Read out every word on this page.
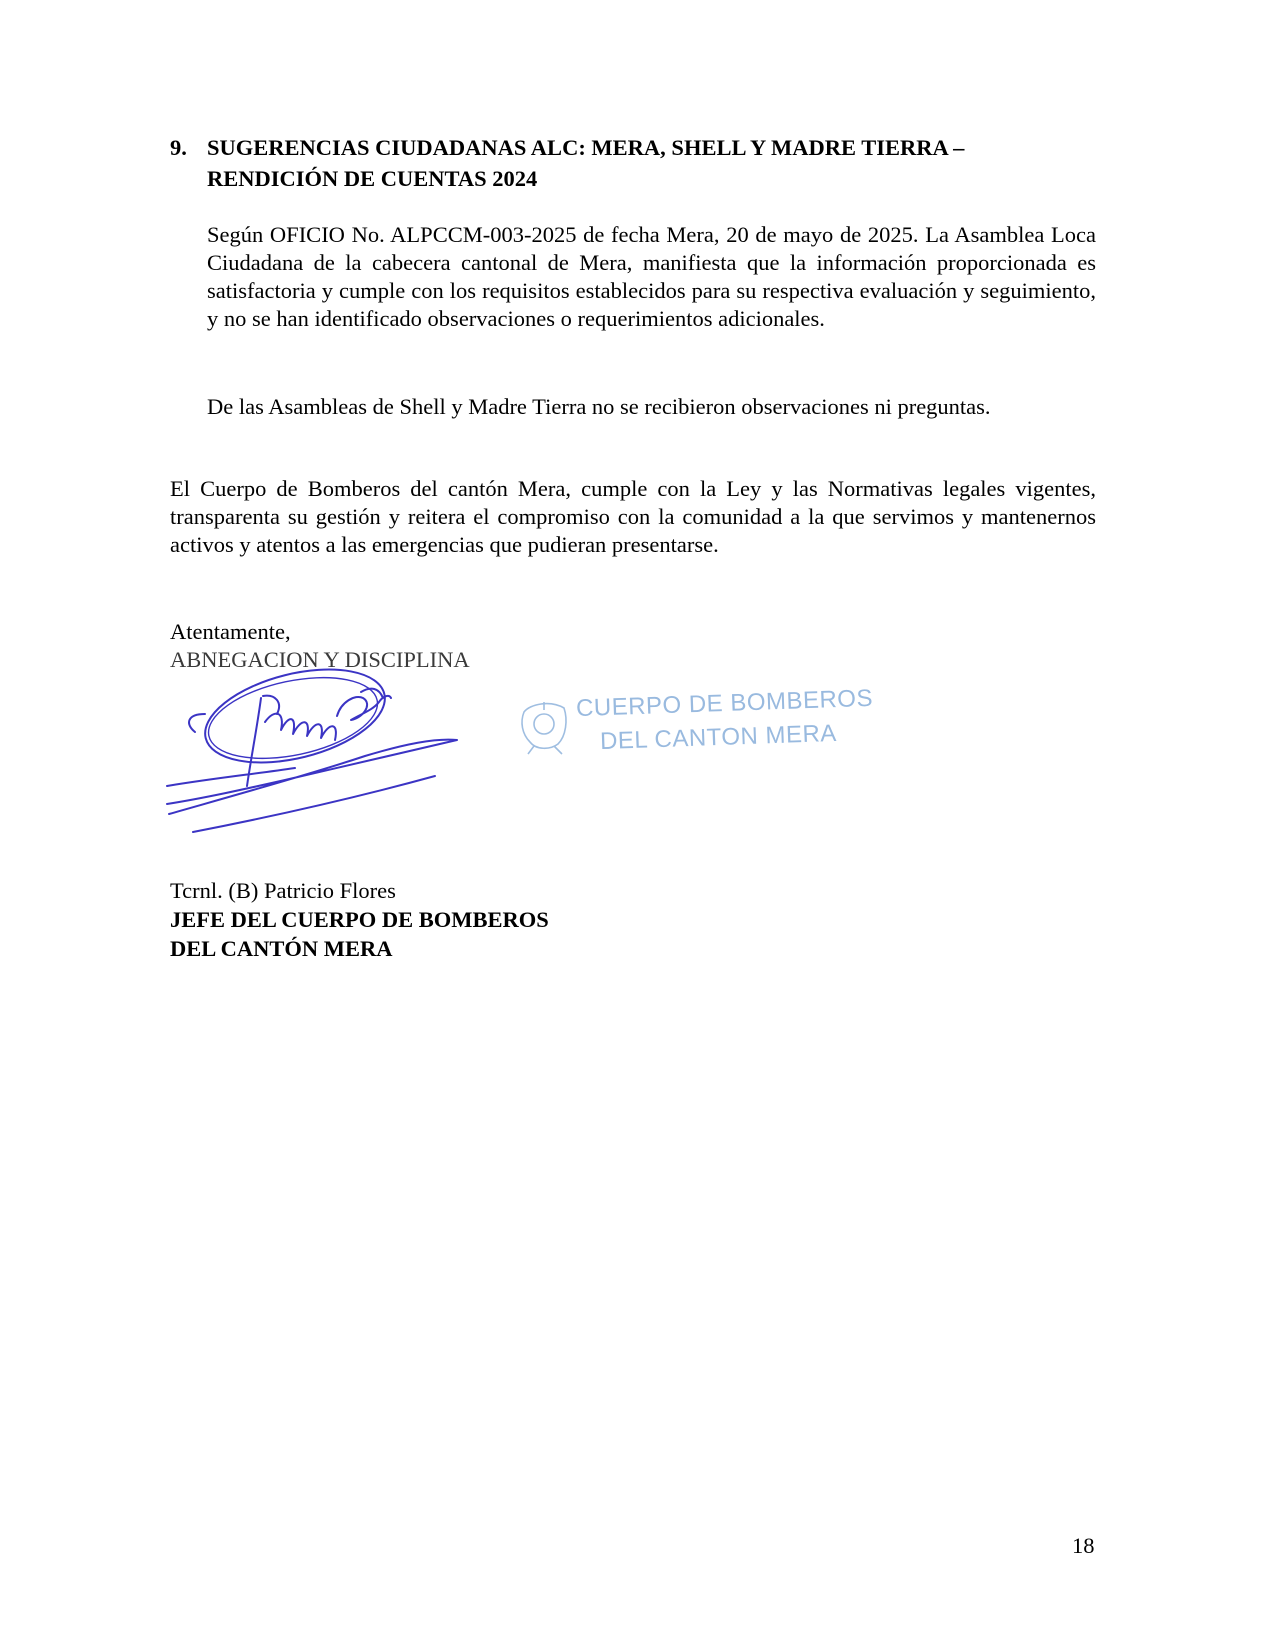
9. SUGERENCIAS CIUDADANAS ALC: MERA, SHELL Y MADRE TIERRA –
RENDICIÓN DE CUENTAS 2024
Según OFICIO No. ALPCCM-003-2025 de fecha Mera, 20 de mayo de 2025. La Asamblea Loca Ciudadana de la cabecera cantonal de Mera, manifiesta que la información proporcionada es satisfactoria y cumple con los requisitos establecidos para su respectiva evaluación y seguimiento, y no se han identificado observaciones o requerimientos adicionales.
De las Asambleas de Shell y Madre Tierra no se recibieron observaciones ni preguntas.
El Cuerpo de Bomberos del cantón Mera, cumple con la Ley y las Normativas legales vigentes, transparenta su gestión y reitera el compromiso con la comunidad a la que servimos y mantenernos activos y atentos a las emergencias que pudieran presentarse.
Atentamente,
ABNEGACION Y DISCIPLINA
CUERPO DE BOMBEROS
DEL CANTON MERA
Tcrnl. (B) Patricio Flores
JEFE DEL CUERPO DE BOMBEROS
DEL CANTÓN MERA
18
